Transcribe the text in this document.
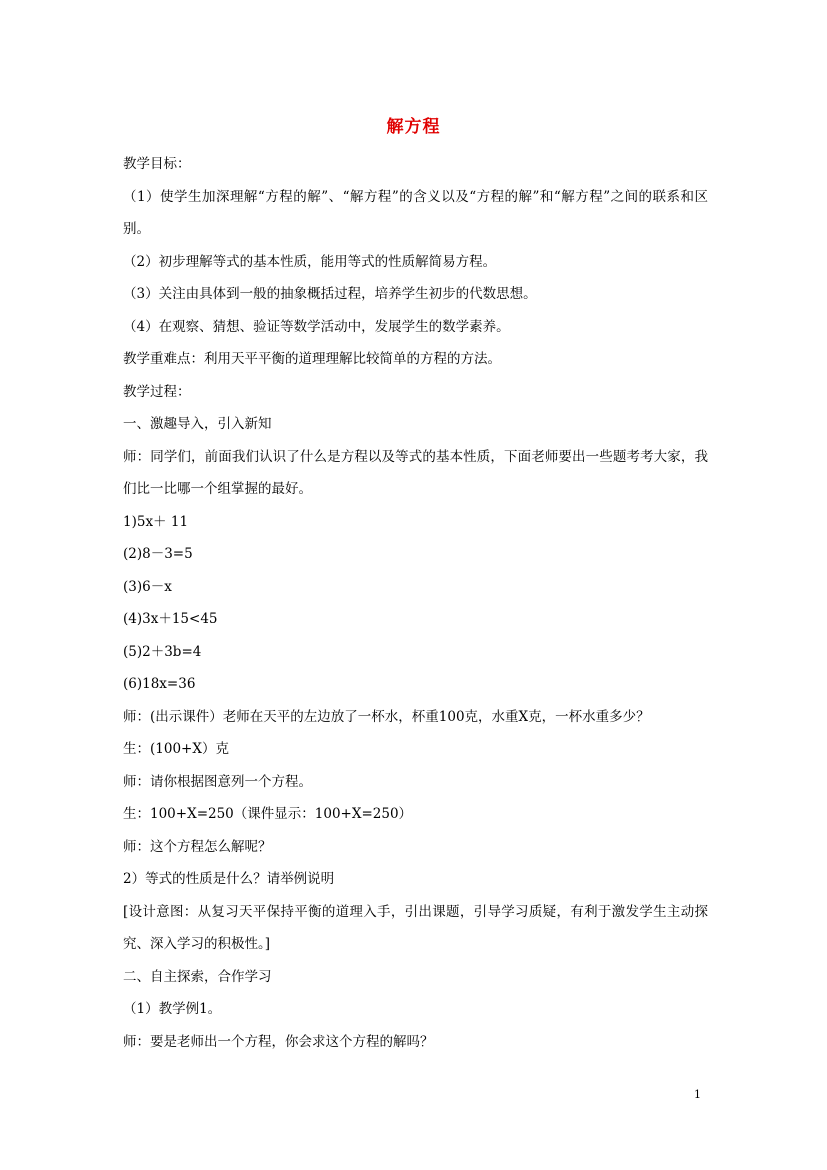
解方程

教学目标：

（1）使学生加深理解“方程的解”、“解方程”的含义以及“方程的解”和“解方程”之间的联系和区别。

（2）初步理解等式的基本性质，能用等式的性质解简易方程。

（3）关注由具体到一般的抽象概括过程，培养学生初步的代数思想。

（4）在观察、猜想、验证等数学活动中，发展学生的数学素养。

教学重难点：利用天平平衡的道理理解比较简单的方程的方法。

教学过程：

一、激趣导入，引入新知

师：同学们，前面我们认识了什么是方程以及等式的基本性质，下面老师要出一些题考考大家，我们比一比哪一个组掌握的最好。

1)5x＋ 11

(2)8－3=5

(3)6－x

(4)3x＋15<45

(5)2＋3b=4

(6)18x=36

师：(出示课件）老师在天平的左边放了一杯水，杯重100克，水重X克，一杯水重多少？

生：(100+X）克

师：请你根据图意列一个方程。

生：100+X=250（课件显示：100+X=250）

师：这个方程怎么解呢？

2）等式的性质是什么？请举例说明

[设计意图：从复习天平保持平衡的道理入手，引出课题，引导学习质疑，有利于激发学生主动探究、深入学习的积极性。]

二、自主探索，合作学习

（1）教学例1。

师：要是老师出一个方程，你会求这个方程的解吗？

1
